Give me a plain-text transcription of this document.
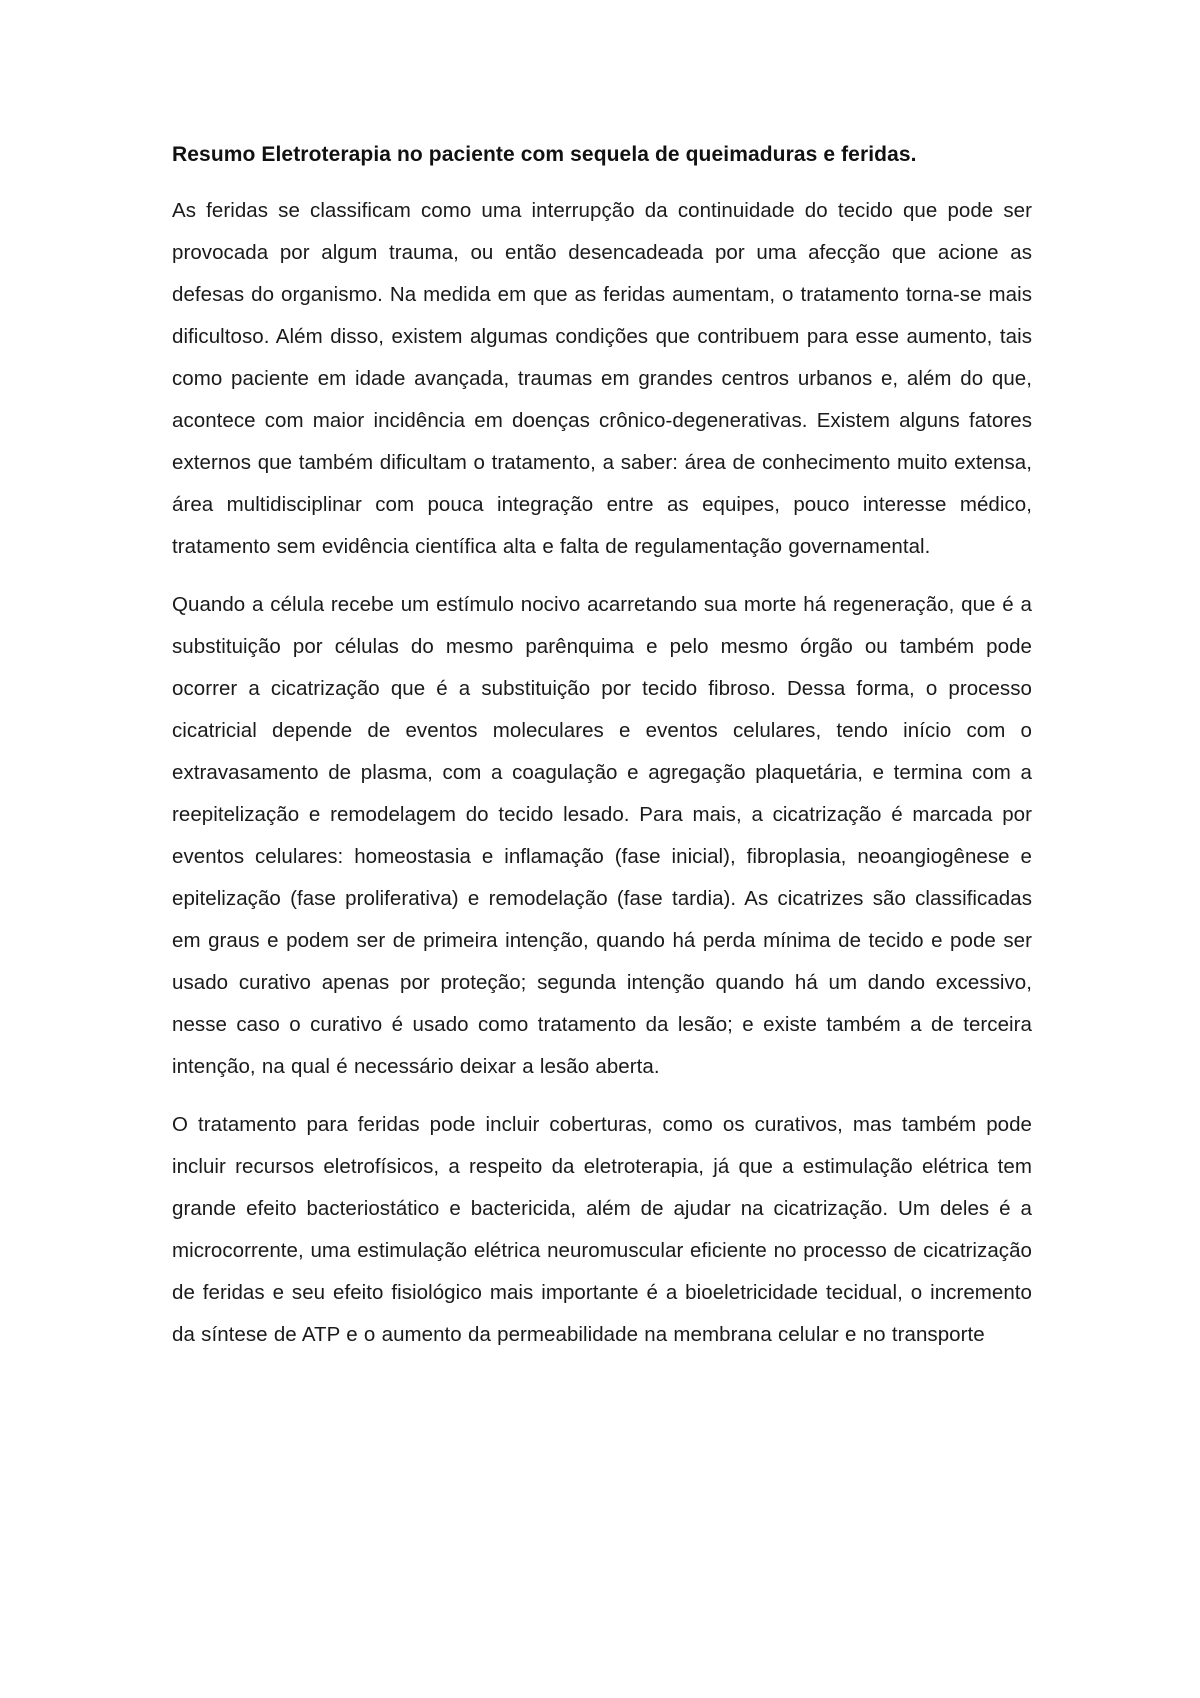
Resumo Eletroterapia no paciente com sequela de queimaduras e feridas.

As feridas se classificam como uma interrupção da continuidade do tecido que pode ser provocada por algum trauma, ou então desencadeada por uma afecção que acione as defesas do organismo. Na medida em que as feridas aumentam, o tratamento torna-se mais dificultoso. Além disso, existem algumas condições que contribuem para esse aumento, tais como paciente em idade avançada, traumas em grandes centros urbanos e, além do que, acontece com maior incidência em doenças crônico-degenerativas. Existem alguns fatores externos que também dificultam o tratamento, a saber: área de conhecimento muito extensa, área multidisciplinar com pouca integração entre as equipes, pouco interesse médico, tratamento sem evidência científica alta e falta de regulamentação governamental.

Quando a célula recebe um estímulo nocivo acarretando sua morte há regeneração, que é a substituição por células do mesmo parênquima e pelo mesmo órgão ou também pode ocorrer a cicatrização que é a substituição por tecido fibroso. Dessa forma, o processo cicatricial depende de eventos moleculares e eventos celulares, tendo início com o extravasamento de plasma, com a coagulação e agregação plaquetária, e termina com a reepitelização e remodelagem do tecido lesado. Para mais, a cicatrização é marcada por eventos celulares: homeostasia e inflamação (fase inicial), fibroplasia, neoangiogênese e epitelização (fase proliferativa) e remodelação (fase tardia). As cicatrizes são classificadas em graus e podem ser de primeira intenção, quando há perda mínima de tecido e pode ser usado curativo apenas por proteção; segunda intenção quando há um dando excessivo, nesse caso o curativo é usado como tratamento da lesão; e existe também a de terceira intenção, na qual é necessário deixar a lesão aberta.

O tratamento para feridas pode incluir coberturas, como os curativos, mas também pode incluir recursos eletrofísicos, a respeito da eletroterapia, já que a estimulação elétrica tem grande efeito bacteriostático e bactericida, além de ajudar na cicatrização. Um deles é a microcorrente, uma estimulação elétrica neuromuscular eficiente no processo de cicatrização de feridas e seu efeito fisiológico mais importante é a bioeletricidade tecidual, o incremento da síntese de ATP e o aumento da permeabilidade na membrana celular e no transporte
